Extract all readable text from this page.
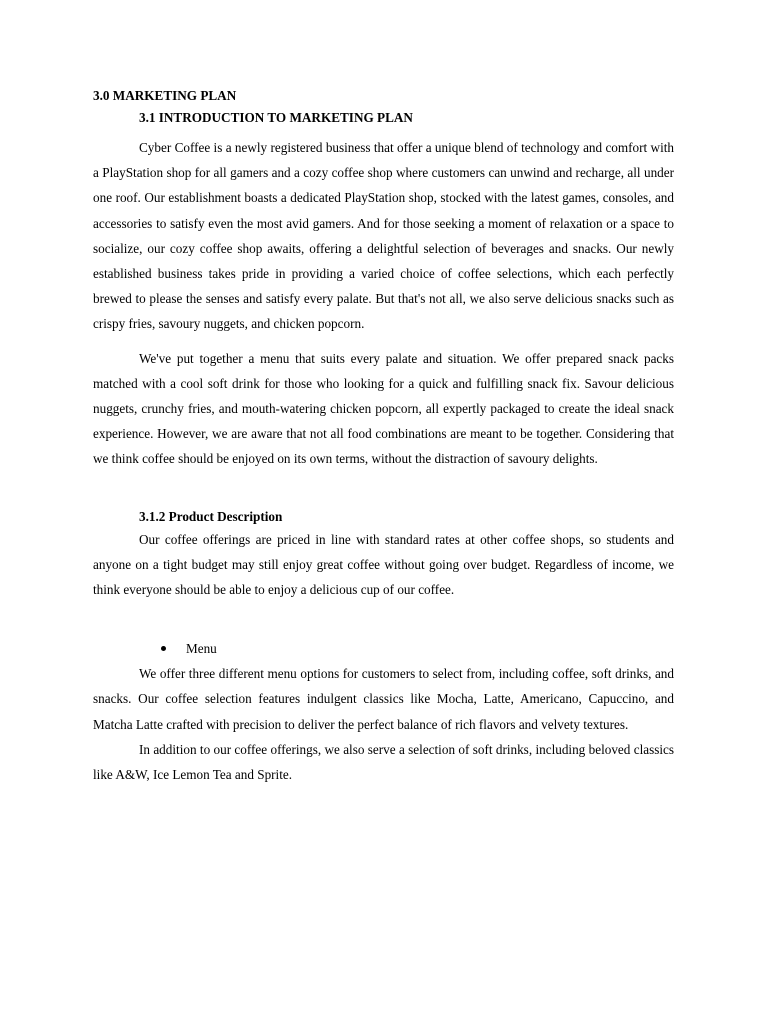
3.0 MARKETING PLAN
3.1 INTRODUCTION TO MARKETING PLAN

Cyber Coffee is a newly registered business that offer a unique blend of technology and comfort with a PlayStation shop for all gamers and a cozy coffee shop where customers can unwind and recharge, all under one roof. Our establishment boasts a dedicated PlayStation shop, stocked with the latest games, consoles, and accessories to satisfy even the most avid gamers. And for those seeking a moment of relaxation or a space to socialize, our cozy coffee shop awaits, offering a delightful selection of beverages and snacks. Our newly established business takes pride in providing a varied choice of coffee selections, which each perfectly brewed to please the senses and satisfy every palate. But that's not all, we also serve delicious snacks such as crispy fries, savoury nuggets, and chicken popcorn.

We've put together a menu that suits every palate and situation. We offer prepared snack packs matched with a cool soft drink for those who looking for a quick and fulfilling snack fix. Savour delicious nuggets, crunchy fries, and mouth-watering chicken popcorn, all expertly packaged to create the ideal snack experience. However, we are aware that not all food combinations are meant to be together. Considering that we think coffee should be enjoyed on its own terms, without the distraction of savoury delights.

3.1.2 Product Description

Our coffee offerings are priced in line with standard rates at other coffee shops, so students and anyone on a tight budget may still enjoy great coffee without going over budget. Regardless of income, we think everyone should be able to enjoy a delicious cup of our coffee.

Menu

We offer three different menu options for customers to select from, including coffee, soft drinks, and snacks. Our coffee selection features indulgent classics like Mocha, Latte, Americano, Capuccino, and Matcha Latte crafted with precision to deliver the perfect balance of rich flavors and velvety textures.

In addition to our coffee offerings, we also serve a selection of soft drinks, including beloved classics like A&W, Ice Lemon Tea and Sprite.
